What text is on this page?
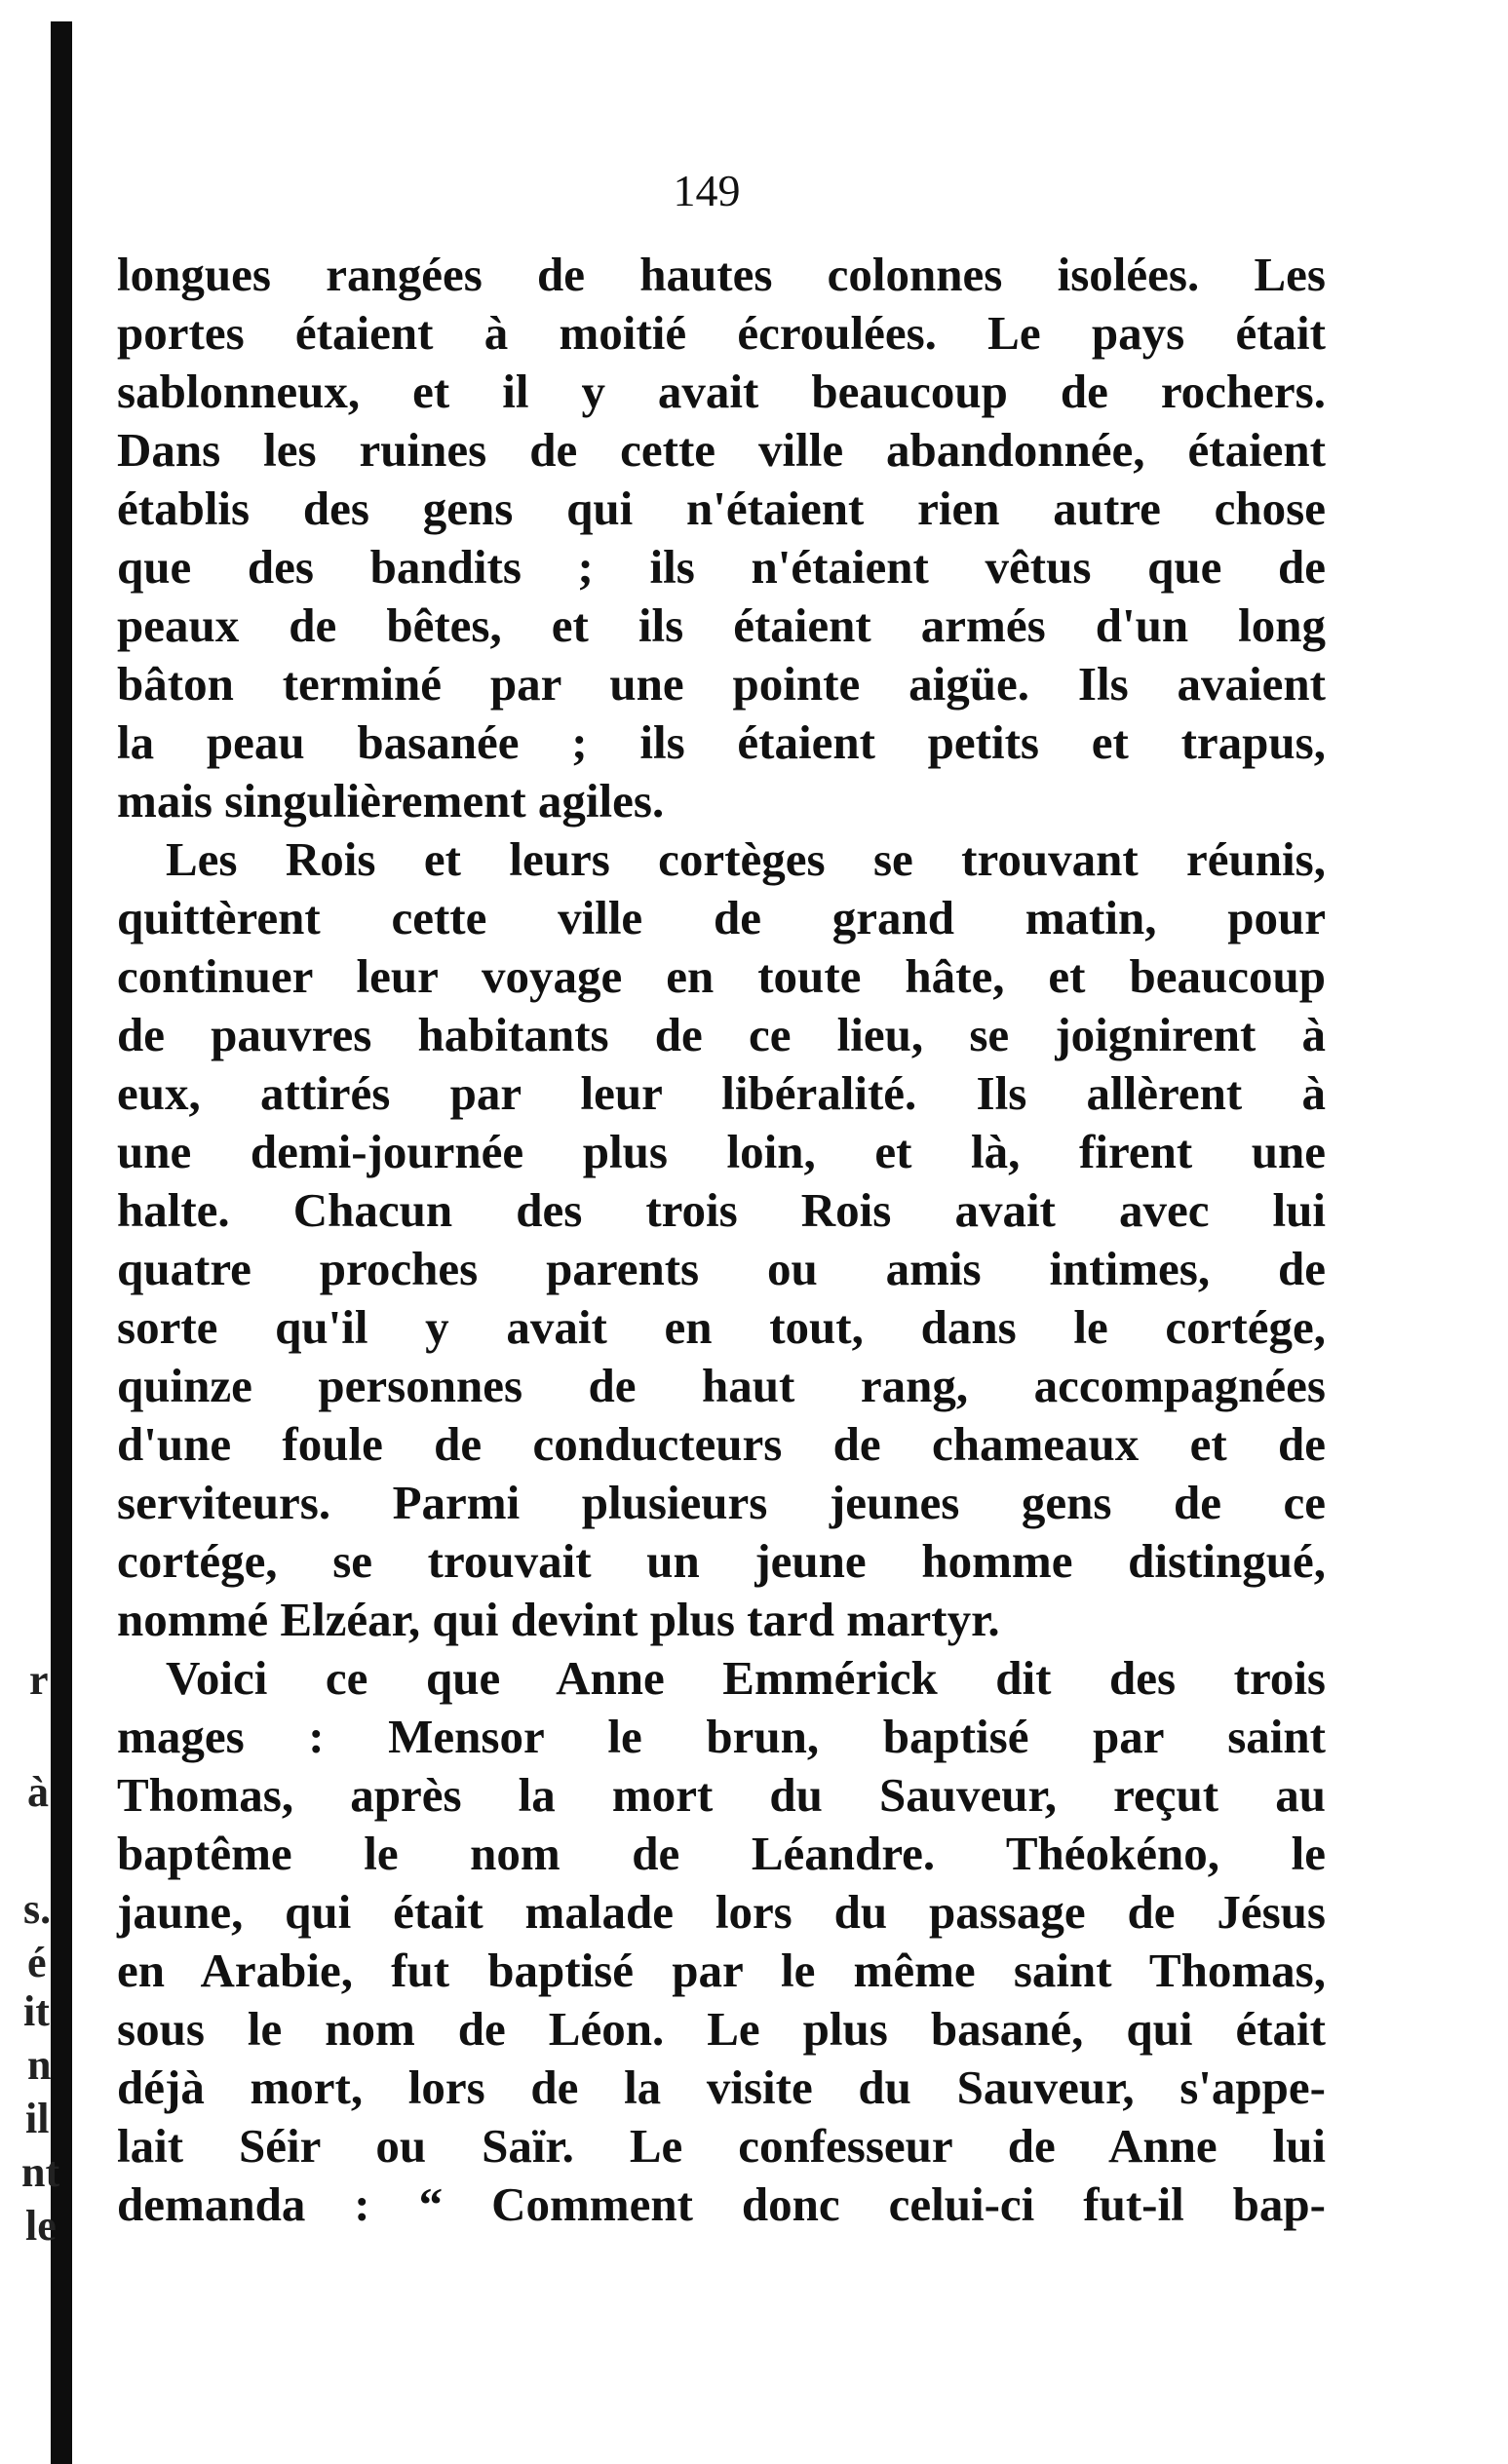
149
longues rangées de hautes colonnes isolées. Les
portes étaient à moitié écroulées. Le pays était
sablonneux, et il y avait beaucoup de rochers.
Dans les ruines de cette ville abandonnée, étaient
établis des gens qui n'étaient rien autre chose
que des bandits ; ils n'étaient vêtus que de
peaux de bêtes, et ils étaient armés d'un long
bâton terminé par une pointe aigüe. Ils avaient
la peau basanée ; ils étaient petits et trapus,
mais singulièrement agiles.
Les Rois et leurs cortèges se trouvant réunis,
quittèrent cette ville de grand matin, pour
continuer leur voyage en toute hâte, et beaucoup
de pauvres habitants de ce lieu, se joignirent à
eux, attirés par leur libéralité. Ils allèrent à
une demi-journée plus loin, et là, firent une
halte. Chacun des trois Rois avait avec lui
quatre proches parents ou amis intimes, de
sorte qu'il y avait en tout, dans le cortége,
quinze personnes de haut rang, accompagnées
d'une foule de conducteurs de chameaux et de
serviteurs. Parmi plusieurs jeunes gens de ce
cortége, se trouvait un jeune homme distingué,
nommé Elzéar, qui devint plus tard martyr.
Voici ce que Anne Emmérick dit des trois
mages : Mensor le brun, baptisé par saint
Thomas, après la mort du Sauveur, reçut au
baptême le nom de Léandre. Théokéno, le
jaune, qui était malade lors du passage de Jésus
en Arabie, fut baptisé par le même saint Thomas,
sous le nom de Léon. Le plus basané, qui était
déjà mort, lors de la visite du Sauveur, s'appe-
lait Séir ou Saïr. Le confesseur de Anne lui
demanda : “ Comment donc celui-ci fut-il bap-
r
à
s.
é
it
n
il
nt
le
